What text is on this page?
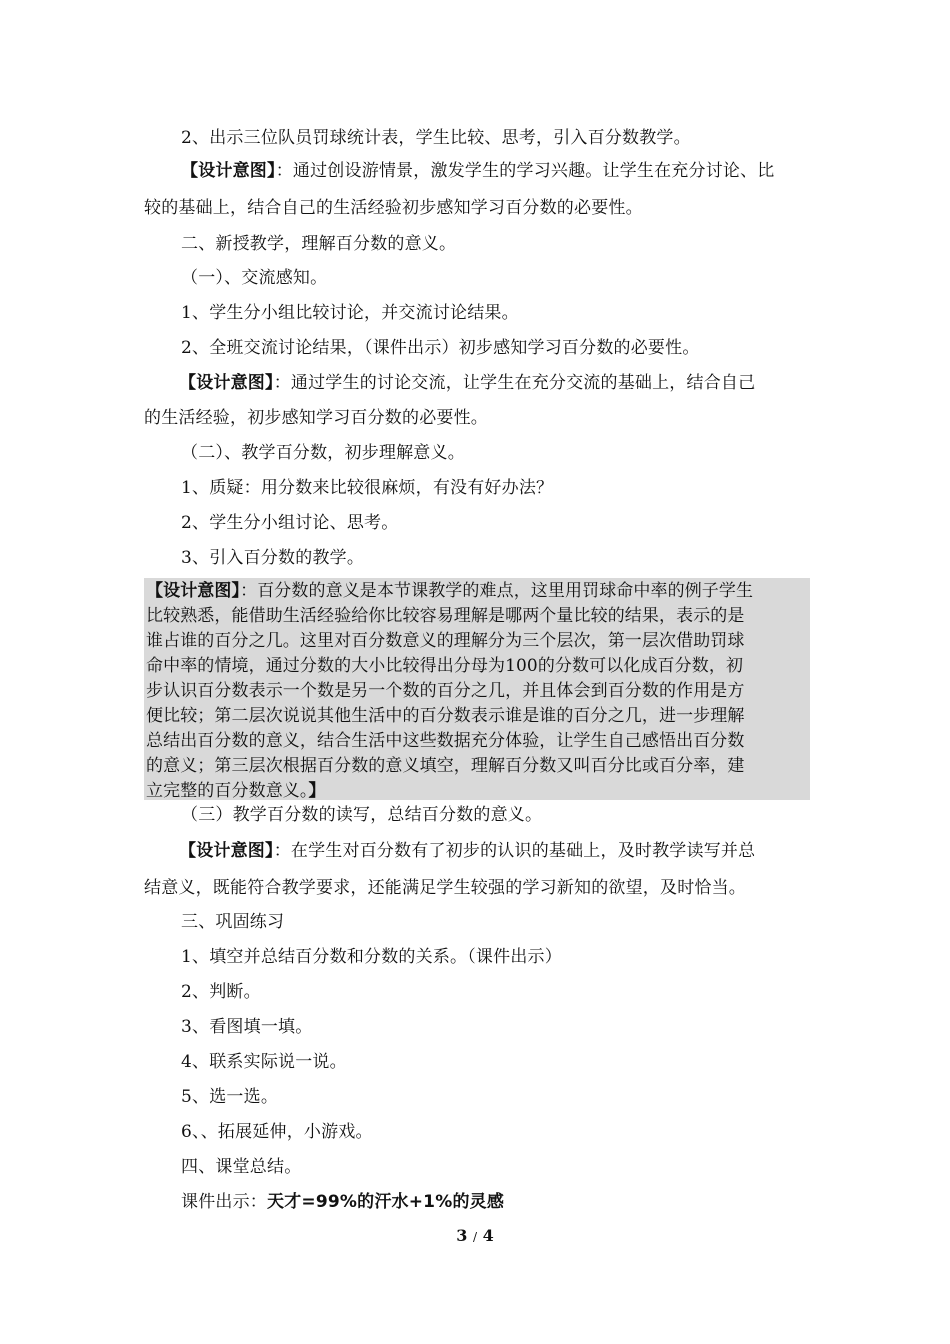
2、出示三位队员罚球统计表，学生比较、思考，引入百分数教学。
【设计意图】：通过创设游情景，激发学生的学习兴趣。让学生在充分讨论、比
较的基础上，结合自己的生活经验初步感知学习百分数的必要性。
二、新授教学，理解百分数的意义。
（一）、交流感知。
1、学生分小组比较讨论，并交流讨论结果。
2、全班交流讨论结果，（课件出示）初步感知学习百分数的必要性。
【设计意图】：通过学生的讨论交流，让学生在充分交流的基础上，结合自己
的生活经验，初步感知学习百分数的必要性。
（二）、教学百分数，初步理解意义。
1、质疑：用分数来比较很麻烦，有没有好办法？
2、学生分小组讨论、思考。
3、引入百分数的教学。
【设计意图】：百分数的意义是本节课教学的难点，这里用罚球命中率的例子学生
比较熟悉，能借助生活经验给你比较容易理解是哪两个量比较的结果，表示的是
谁占谁的百分之几。这里对百分数意义的理解分为三个层次，第一层次借助罚球
命中率的情境，通过分数的大小比较得出分母为100的分数可以化成百分数，初
步认识百分数表示一个数是另一个数的百分之几，并且体会到百分数的作用是方
便比较；第二层次说说其他生活中的百分数表示谁是谁的百分之几，进一步理解
总结出百分数的意义，结合生活中这些数据充分体验，让学生自己感悟出百分数
的意义；第三层次根据百分数的意义填空，理解百分数又叫百分比或百分率，建
立完整的百分数意义。】
（三）教学百分数的读写，总结百分数的意义。
【设计意图】：在学生对百分数有了初步的认识的基础上，及时教学读写并总
结意义，既能符合教学要求，还能满足学生较强的学习新知的欲望，及时恰当。
三、巩固练习
1、填空并总结百分数和分数的关系。（课件出示）
2、判断。
3、看图填一填。
4、联系实际说一说。
5、选一选。
6、、拓展延伸，小游戏。
四、课堂总结。
课件出示：天才=99%的汗水+1%的灵感
3 / 4
